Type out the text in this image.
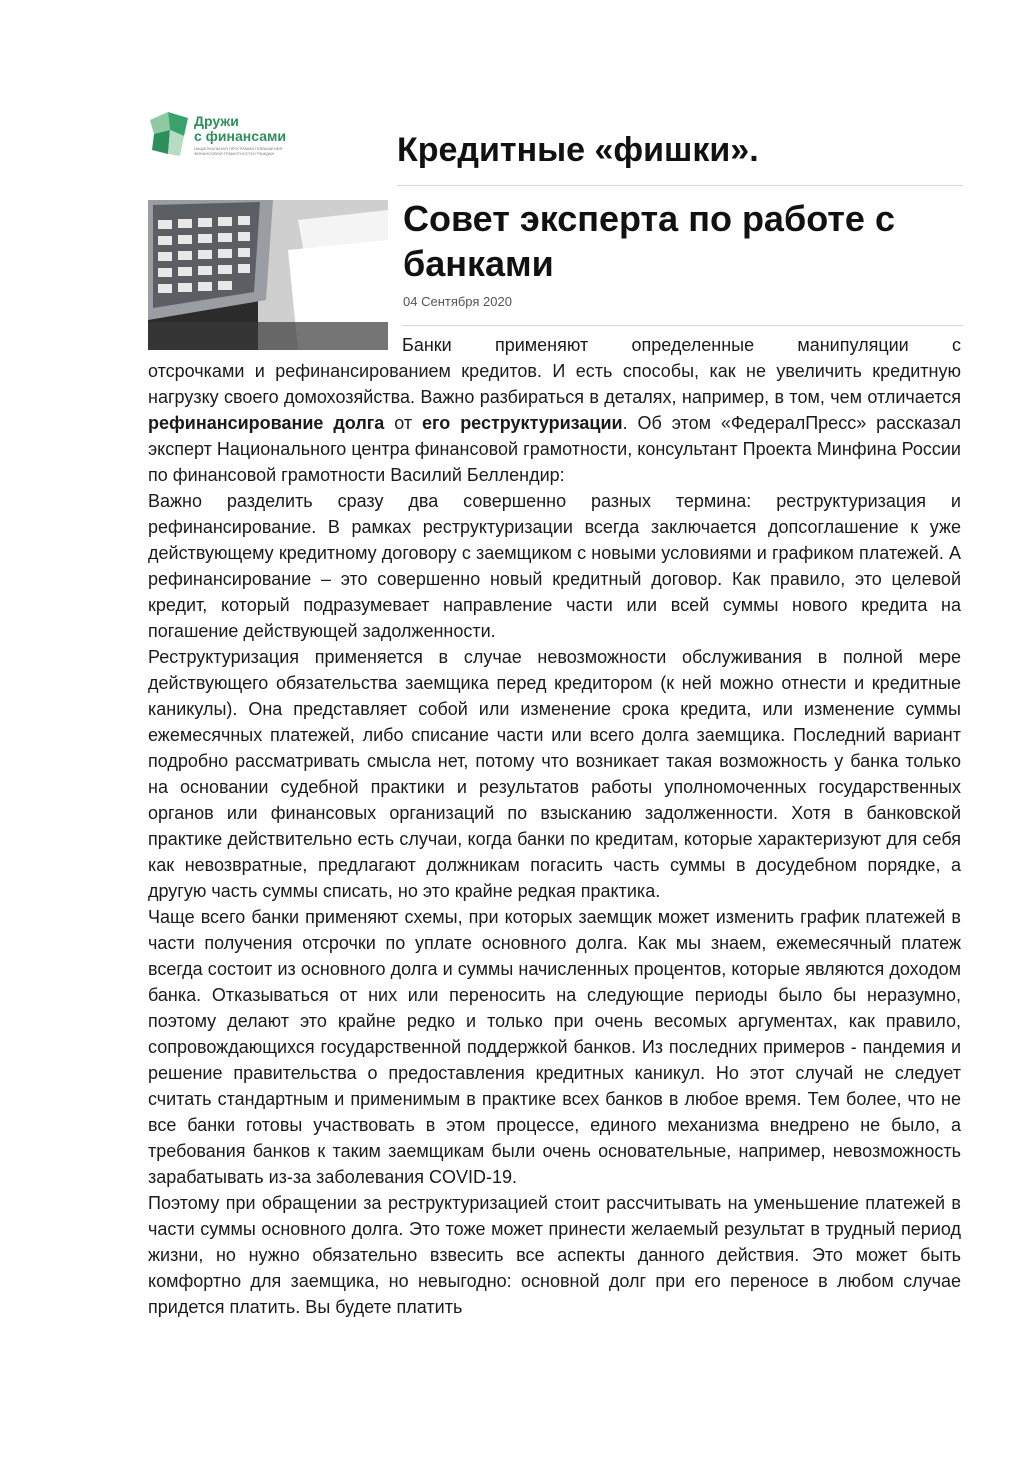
Дружи
с финансами
НАЦИОНАЛЬНАЯ ПРОГРАММА ПОВЫШЕНИЯ ФИНАНСОВОЙ ГРАМОТНОСТИ ГРАЖДАН	Кредитные «фишки».
Совет эксперта по работе с банками
04 Сентября 2020

Банки применяют определенные манипуляции с

отсрочками и рефинансированием кредитов. И есть способы, как не увеличить кредитную нагрузку своего домохозяйства. Важно разбираться в деталях, например, в том, чем отличается рефинансирование долга от его реструктуризации. Об этом «ФедералПресс» рассказал эксперт Национального центра финансовой грамотности, консультант Проекта Минфина России по финансовой грамотности Василий Беллендир:

Важно разделить сразу два совершенно разных термина: реструктуризация и рефинансирование. В рамках реструктуризации всегда заключается допсоглашение к уже действующему кредитному договору с заемщиком с новыми условиями и графиком платежей. А рефинансирование – это совершенно новый кредитный договор. Как правило, это целевой кредит, который подразумевает направление части или всей суммы нового кредита на погашение действующей задолженности.

Реструктуризация применяется в случае невозможности обслуживания в полной мере действующего обязательства заемщика перед кредитором (к ней можно отнести и кредитные каникулы). Она представляет собой или изменение срока кредита, или изменение суммы ежемесячных платежей, либо списание части или всего долга заемщика. Последний вариант подробно рассматривать смысла нет, потому что возникает такая возможность у банка только на основании судебной практики и результатов работы уполномоченных государственных органов или финансовых организаций по взысканию задолженности. Хотя в банковской практике действительно есть случаи, когда банки по кредитам, которые характеризуют для себя как невозвратные, предлагают должникам погасить часть суммы в досудебном порядке, а другую часть суммы списать, но это крайне редкая практика.

Чаще всего банки применяют схемы, при которых заемщик может изменить график платежей в части получения отсрочки по уплате основного долга. Как мы знаем, ежемесячный платеж всегда состоит из основного долга и суммы начисленных процентов, которые являются доходом банка. Отказываться от них или переносить на следующие периоды было бы неразумно, поэтому делают это крайне редко и только при очень весомых аргументах, как правило, сопровождающихся государственной поддержкой банков. Из последних примеров - пандемия и решение правительства о предоставления кредитных каникул. Но этот случай не следует считать стандартным и применимым в практике всех банков в любое время. Тем более, что не все банки готовы участвовать в этом процессе, единого механизма внедрено не было, а требования банков к таким заемщикам были очень основательные, например, невозможность зарабатывать из-за заболевания COVID-19.

Поэтому при обращении за реструктуризацией стоит рассчитывать на уменьшение платежей в части суммы основного долга. Это тоже может принести желаемый результат в трудный период жизни, но нужно обязательно взвесить все аспекты данного действия. Это может быть комфортно для заемщика, но невыгодно: основной долг при его переносе в любом случае придется платить. Вы будете платить
